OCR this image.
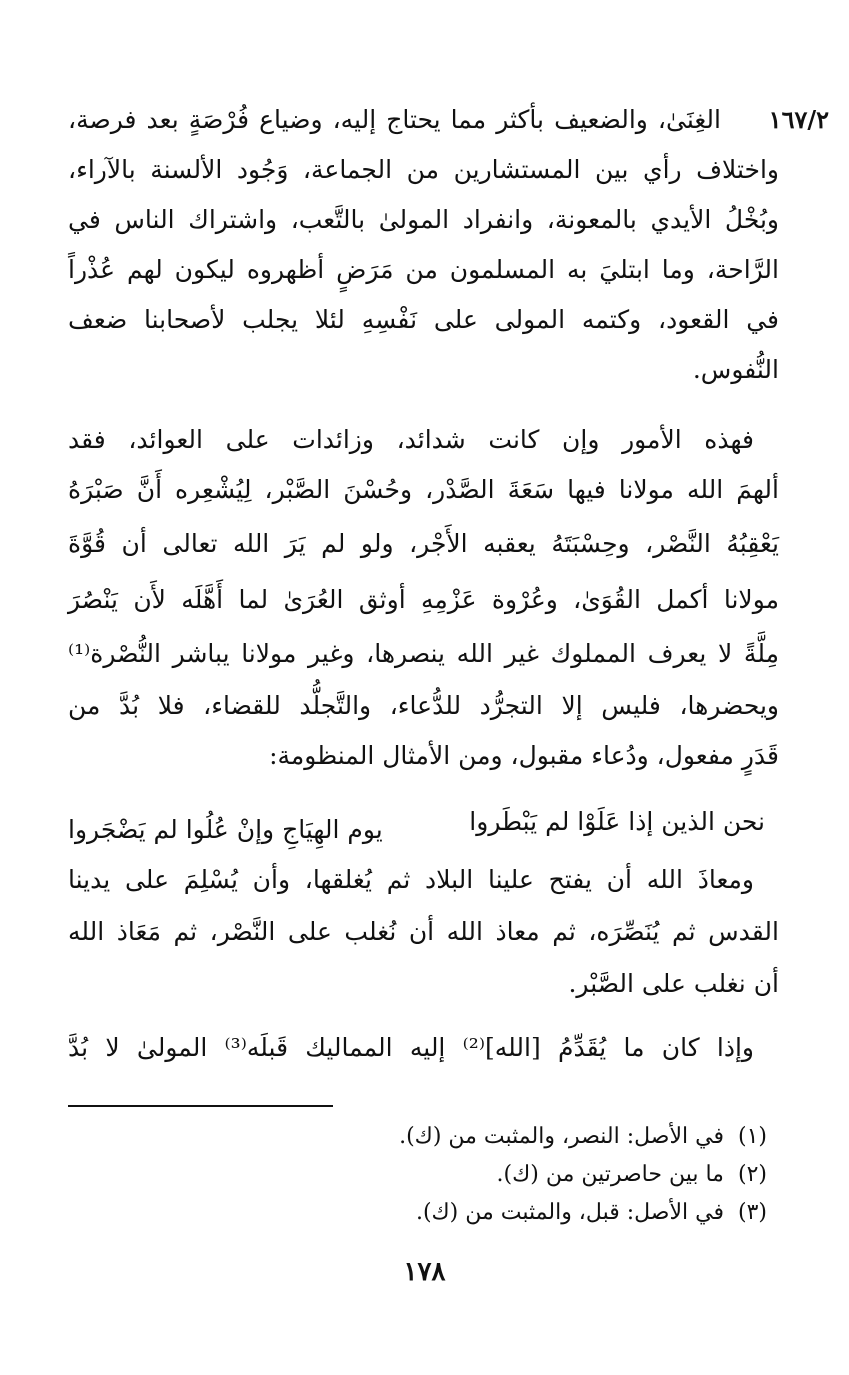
١٦٧/٢
الغِنَىٰ، والضعيف بأكثر مما يحتاج إليه، وضياع فُرْصَةٍ بعد فرصة،
واختلاف رأي بين المستشارين من الجماعة، وَجُود الألسنة بالآراء،
وبُخْلُ الأيدي بالمعونة، وانفراد المولىٰ بالتَّعب، واشتراك الناس في
الرَّاحة، وما ابتليَ به المسلمون من مَرَضٍ أظهروه ليكون لهم عُذْراً
في القعود، وكتمه المولى على نَفْسِهِ لئلا يجلب لأصحابنا ضعف
النُّفوس.
فهذه الأمور وإن كانت شدائد، وزائدات على العوائد، فقد
ألهمَ الله مولانا فيها سَعَةَ الصَّدْر، وحُسْنَ الصَّبْر، لِيُشْعِره أَنَّ صَبْرَهُ
يَعْقِبُهُ النَّصْر، وحِسْبَتَهُ يعقبه الأَجْر، ولو لم يَرَ الله تعالى أن قُوَّةَ
مولانا أكمل القُوَىٰ، وعُرْوة عَزْمِهِ أوثق العُرَىٰ لما أَهَّلَه لأَن يَنْصُرَ
مِلَّةً لا يعرف المملوك غير الله ينصرها، وغير مولانا يباشر النُّصْرة⁽¹⁾
ويحضرها، فليس إلا التجرُّد للدُّعاء، والتَّجلُّد للقضاء، فلا بُدَّ من
قَدَرٍ مفعول، ودُعاء مقبول، ومن الأمثال المنظومة:
نحن الذين إذا عَلَوْا لم يَبْطَروا
يوم الهِيَاجِ وإنْ عُلُوا لم يَضْجَروا
ومعاذَ الله أن يفتح علينا البلاد ثم يُغلقها، وأن يُسْلِمَ على يدينا
القدس ثم يُنَصِّرَه، ثم معاذ الله أن نُغلب على النَّصْر، ثم مَعَاذ الله
أن نغلب على الصَّبْر.
وإذا كان ما يُقَدِّمُ [الله]⁽²⁾ إليه المماليك قَبلَه⁽³⁾ المولىٰ لا بُدَّ
(١)في الأصل: النصر، والمثبت من (ك).
(٢)ما بين حاصرتين من (ك).
(٣)في الأصل: قبل، والمثبت من (ك).
١٧٨
